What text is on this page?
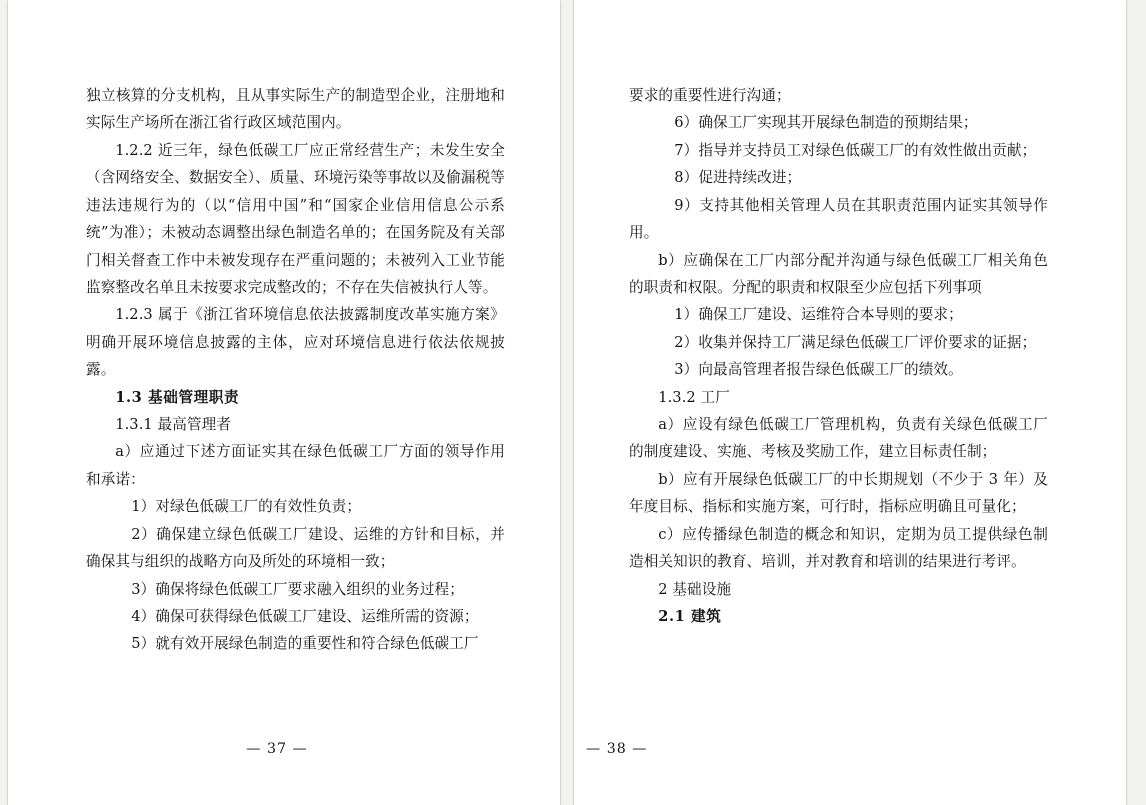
独立核算的分支机构，且从事实际生产的制造型企业，注册地和实际生产场所在浙江省行政区域范围内。

1.2.2 近三年，绿色低碳工厂应正常经营生产；未发生安全（含网络安全、数据安全）、质量、环境污染等事故以及偷漏税等违法违规行为的（以“信用中国”和“国家企业信用信息公示系统”为准）；未被动态调整出绿色制造名单的；在国务院及有关部门相关督查工作中未被发现存在严重问题的；未被列入工业节能监察整改名单且未按要求完成整改的；不存在失信被执行人等。

1.2.3 属于《浙江省环境信息依法披露制度改革实施方案》明确开展环境信息披露的主体，应对环境信息进行依法依规披露。

1.3 基础管理职责

1.3.1 最高管理者

a）应通过下述方面证实其在绿色低碳工厂方面的领导作用和承诺：

1）对绿色低碳工厂的有效性负责；

2）确保建立绿色低碳工厂建设、运维的方针和目标，并确保其与组织的战略方向及所处的环境相一致；

3）确保将绿色低碳工厂要求融入组织的业务过程；

4）确保可获得绿色低碳工厂建设、运维所需的资源；

5）就有效开展绿色制造的重要性和符合绿色低碳工厂

— 37 —

要求的重要性进行沟通；

6）确保工厂实现其开展绿色制造的预期结果；

7）指导并支持员工对绿色低碳工厂的有效性做出贡献；

8）促进持续改进；

9）支持其他相关管理人员在其职责范围内证实其领导作用。

b）应确保在工厂内部分配并沟通与绿色低碳工厂相关角色的职责和权限。分配的职责和权限至少应包括下列事项

1）确保工厂建设、运维符合本导则的要求；

2）收集并保持工厂满足绿色低碳工厂评价要求的证据；

3）向最高管理者报告绿色低碳工厂的绩效。

1.3.2 工厂

a）应设有绿色低碳工厂管理机构，负责有关绿色低碳工厂的制度建设、实施、考核及奖励工作，建立目标责任制；

b）应有开展绿色低碳工厂的中长期规划（不少于 3 年）及年度目标、指标和实施方案，可行时，指标应明确且可量化；

c）应传播绿色制造的概念和知识，定期为员工提供绿色制造相关知识的教育、培训，并对教育和培训的结果进行考评。

2 基础设施

2.1 建筑

— 38 —
